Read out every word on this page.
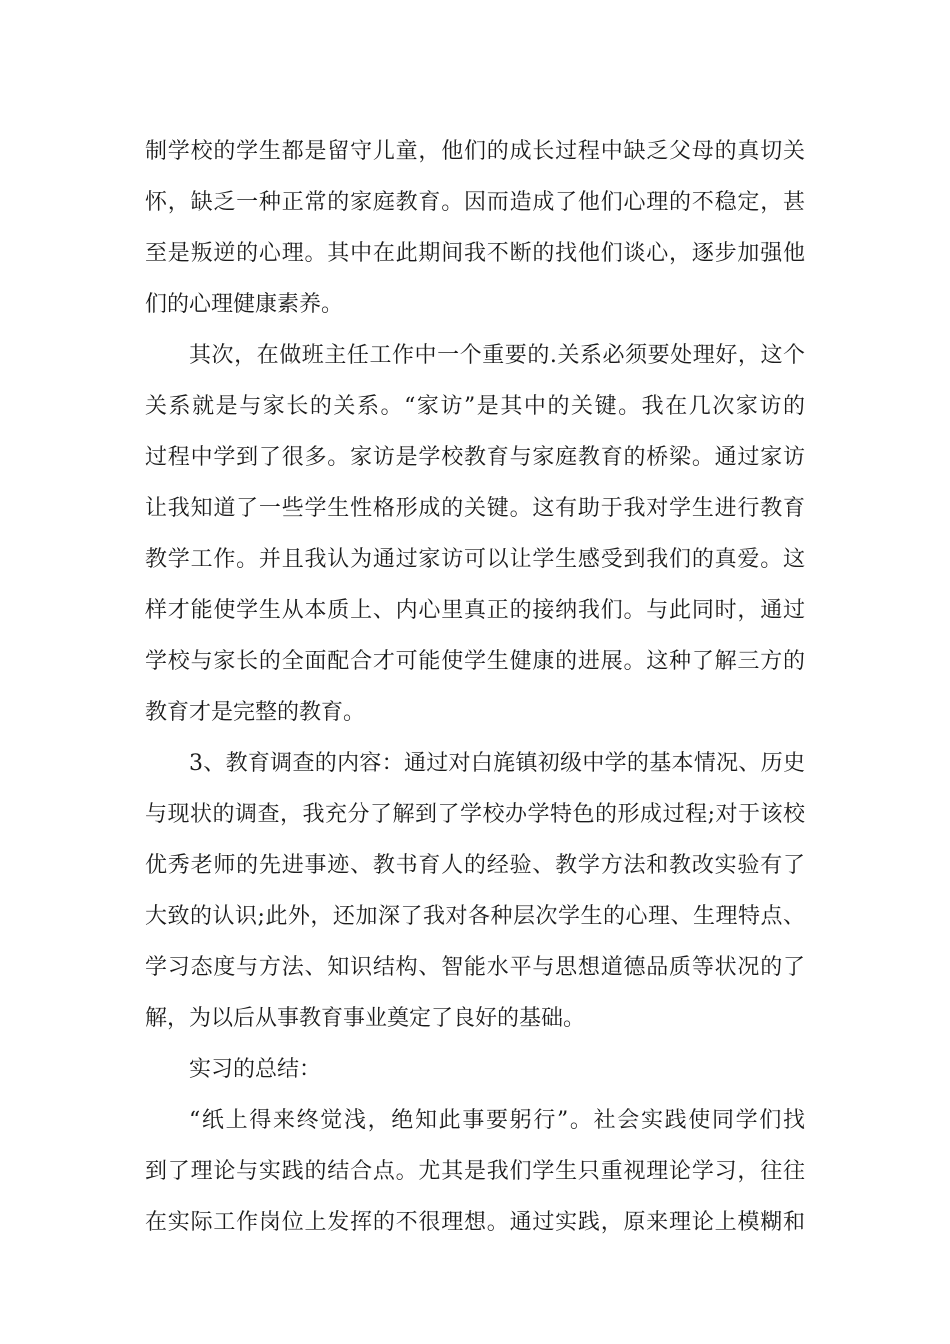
制学校的学生都是留守儿童，他们的成长过程中缺乏父母的真切关
怀，缺乏一种正常的家庭教育。因而造成了他们心理的不稳定，甚
至是叛逆的心理。其中在此期间我不断的找他们谈心，逐步加强他
们的心理健康素养。
其次，在做班主任工作中一个重要的.关系必须要处理好，这个
关系就是与家长的关系。“家访”是其中的关键。我在几次家访的
过程中学到了很多。家访是学校教育与家庭教育的桥梁。通过家访
让我知道了一些学生性格形成的关键。这有助于我对学生进行教育
教学工作。并且我认为通过家访可以让学生感受到我们的真爱。这
样才能使学生从本质上、内心里真正的接纳我们。与此同时，通过
学校与家长的全面配合才可能使学生健康的进展。这种了解三方的
教育才是完整的教育。
3、教育调查的内容：通过对白旄镇初级中学的基本情况、历史
与现状的调查，我充分了解到了学校办学特色的形成过程;对于该校
优秀老师的先进事迹、教书育人的经验、教学方法和教改实验有了
大致的认识;此外，还加深了我对各种层次学生的心理、生理特点、
学习态度与方法、知识结构、智能水平与思想道德品质等状况的了
解，为以后从事教育事业奠定了良好的基础。
实习的总结：
“纸上得来终觉浅，绝知此事要躬行”。社会实践使同学们找
到了理论与实践的结合点。尤其是我们学生只重视理论学习，往往
在实际工作岗位上发挥的不很理想。通过实践，原来理论上模糊和
